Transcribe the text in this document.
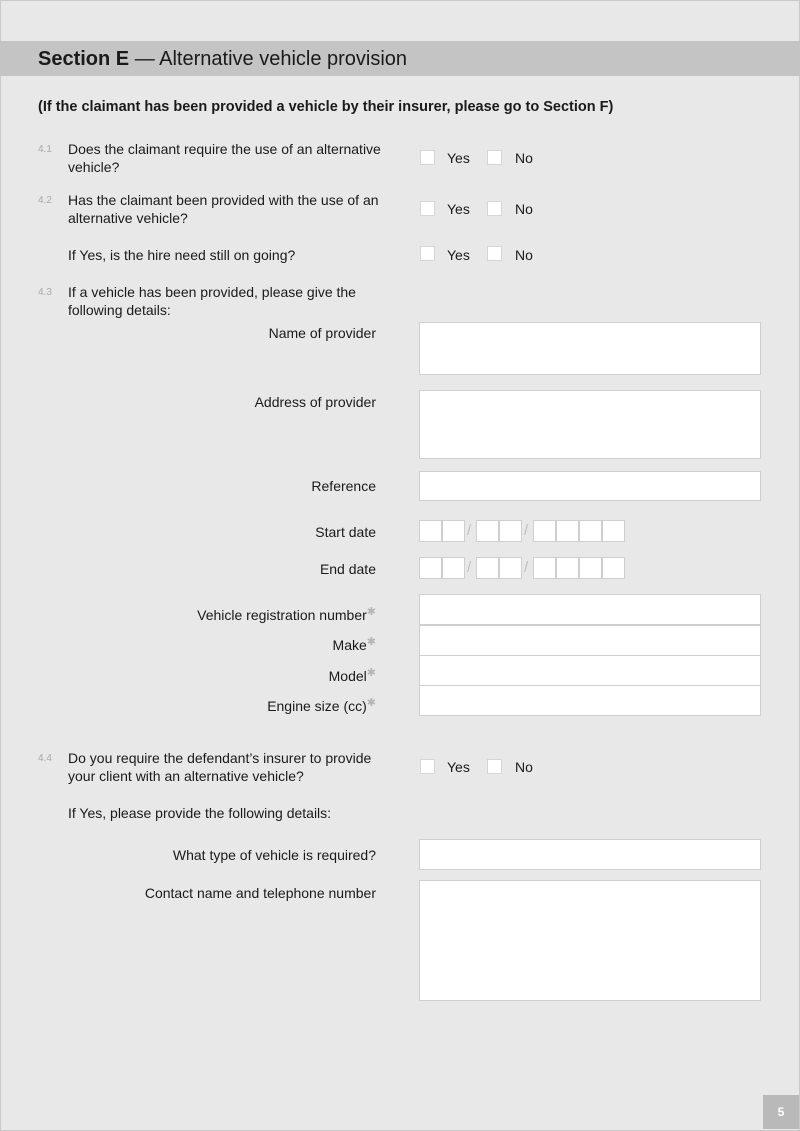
Section E — Alternative vehicle provision
(If the claimant has been provided a vehicle by their insurer, please go to Section F)
4.1 Does the claimant require the use of an alternative vehicle?
Yes	No
4.2 Has the claimant been provided with the use of an alternative vehicle?
Yes	No
If Yes, is the hire need still on going?	Yes	No
4.3 If a vehicle has been provided, please give the following details:
Name of provider
Address of provider
Reference
Start date	/	/
End date	/	/
Vehicle registration number✱
Make✱
Model✱
Engine size (cc)✱
4.4 Do you require the defendant’s insurer to provide your client with an alternative vehicle?
Yes	No
If Yes, please provide the following details:
What type of vehicle is required?
Contact name and telephone number
5
